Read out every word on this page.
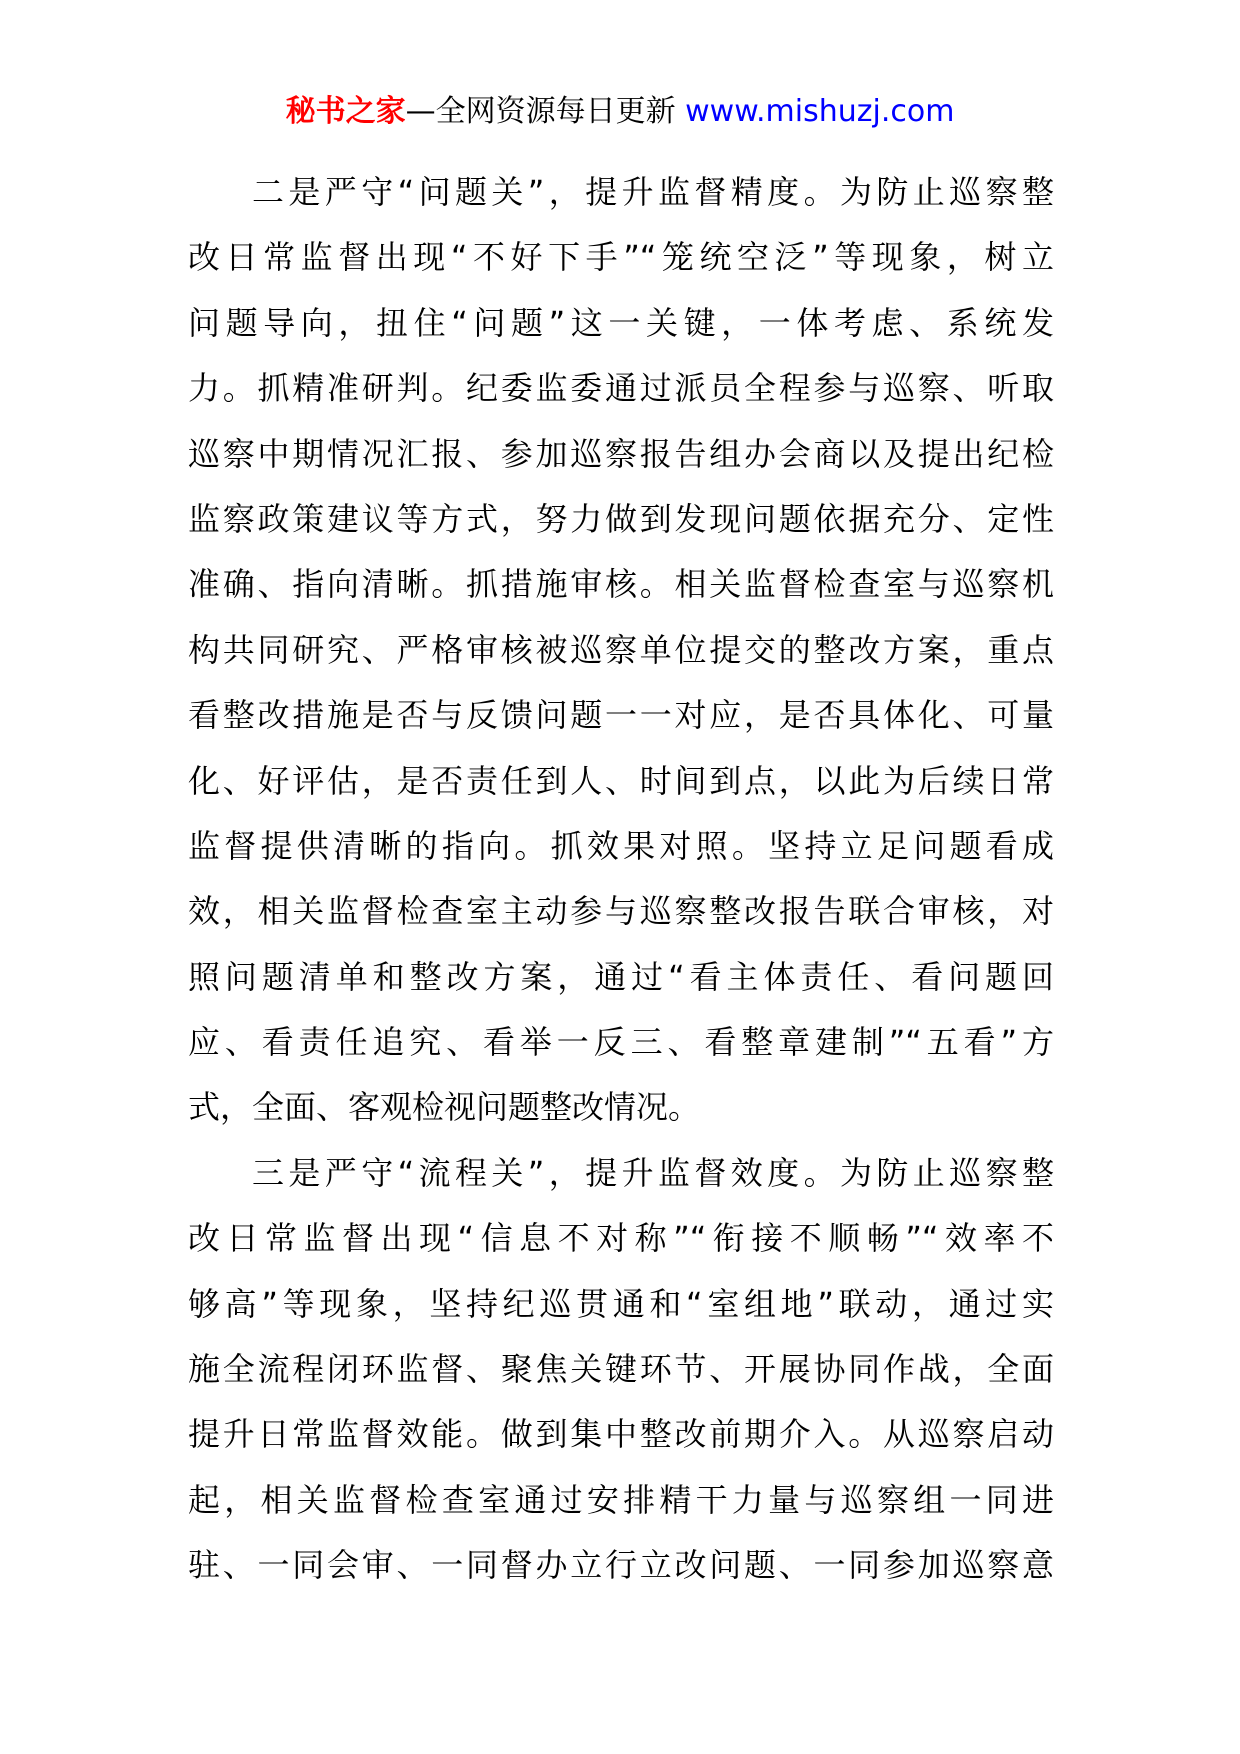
秘书之家—全网资源每日更新 www.mishuzj.com
二是严守“问题关”，提升监督精度。为防止巡察整
改日常监督出现“不好下手”“笼统空泛”等现象，树立
问题导向，扭住“问题”这一关键，一体考虑、系统发
力。抓精准研判。纪委监委通过派员全程参与巡察、听取
巡察中期情况汇报、参加巡察报告组办会商以及提出纪检
监察政策建议等方式，努力做到发现问题依据充分、定性
准确、指向清晰。抓措施审核。相关监督检查室与巡察机
构共同研究、严格审核被巡察单位提交的整改方案，重点
看整改措施是否与反馈问题一一对应，是否具体化、可量
化、好评估，是否责任到人、时间到点，以此为后续日常
监督提供清晰的指向。抓效果对照。坚持立足问题看成
效，相关监督检查室主动参与巡察整改报告联合审核，对
照问题清单和整改方案，通过“看主体责任、看问题回
应、看责任追究、看举一反三、看整章建制”“五看”方
式，全面、客观检视问题整改情况。
三是严守“流程关”，提升监督效度。为防止巡察整
改日常监督出现“信息不对称”“衔接不顺畅”“效率不
够高”等现象，坚持纪巡贯通和“室组地”联动，通过实
施全流程闭环监督、聚焦关键环节、开展协同作战，全面
提升日常监督效能。做到集中整改前期介入。从巡察启动
起，相关监督检查室通过安排精干力量与巡察组一同进
驻、一同会审、一同督办立行立改问题、一同参加巡察意
